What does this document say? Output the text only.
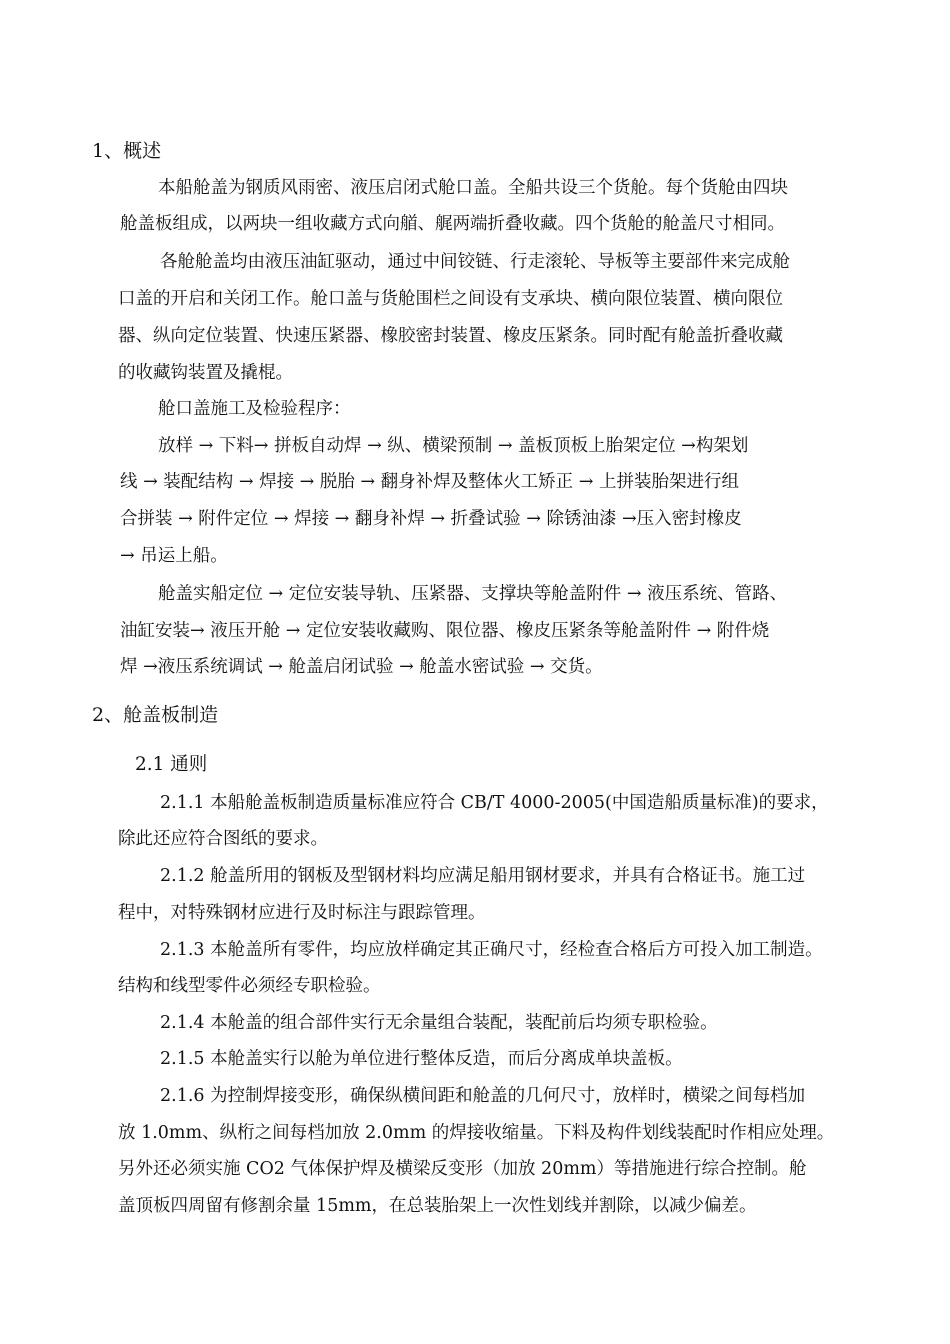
1、概述
本船舱盖为钢质风雨密、液压启闭式舱口盖。全船共设三个货舱。每个货舱由四块
舱盖板组成，以两块一组收藏方式向艏、艉两端折叠收藏。四个货舱的舱盖尺寸相同。
各舱舱盖均由液压油缸驱动，通过中间铰链、行走滚轮、导板等主要部件来完成舱
口盖的开启和关闭工作。舱口盖与货舱围栏之间设有支承块、横向限位装置、横向限位
器、纵向定位装置、快速压紧器、橡胶密封装置、橡皮压紧条。同时配有舱盖折叠收藏
的收藏钩装置及撬棍。
舱口盖施工及检验程序：
放样 → 下料→ 拼板自动焊 → 纵、横梁预制 → 盖板顶板上胎架定位 →构架划
线 → 装配结构 → 焊接 → 脱胎 → 翻身补焊及整体火工矫正 → 上拼装胎架进行组
合拼装 → 附件定位 → 焊接 → 翻身补焊 → 折叠试验 → 除锈油漆 →压入密封橡皮
→ 吊运上船。
舱盖实船定位 → 定位安装导轨、压紧器、支撑块等舱盖附件 → 液压系统、管路、
油缸安装→ 液压开舱 → 定位安装收藏购、限位器、橡皮压紧条等舱盖附件 → 附件烧
焊 →液压系统调试 → 舱盖启闭试验 → 舱盖水密试验 → 交货。
2、舱盖板制造
2.1 通则
2.1.1 本船舱盖板制造质量标准应符合 CB/T 4000-2005(中国造船质量标准)的要求，
除此还应符合图纸的要求。
2.1.2 舱盖所用的钢板及型钢材料均应满足船用钢材要求，并具有合格证书。施工过
程中，对特殊钢材应进行及时标注与跟踪管理。
2.1.3 本舱盖所有零件，均应放样确定其正确尺寸，经检查合格后方可投入加工制造。
结构和线型零件必须经专职检验。
2.1.4 本舱盖的组合部件实行无余量组合装配，装配前后均须专职检验。
2.1.5 本舱盖实行以舱为单位进行整体反造，而后分离成单块盖板。
2.1.6 为控制焊接变形，确保纵横间距和舱盖的几何尺寸，放样时，横梁之间每档加
放 1.0mm、纵桁之间每档加放 2.0mm 的焊接收缩量。下料及构件划线装配时作相应处理。
另外还必须实施 CO2 气体保护焊及横梁反变形（加放 20mm）等措施进行综合控制。舱
盖顶板四周留有修割余量 15mm，在总装胎架上一次性划线并割除，以减少偏差。
